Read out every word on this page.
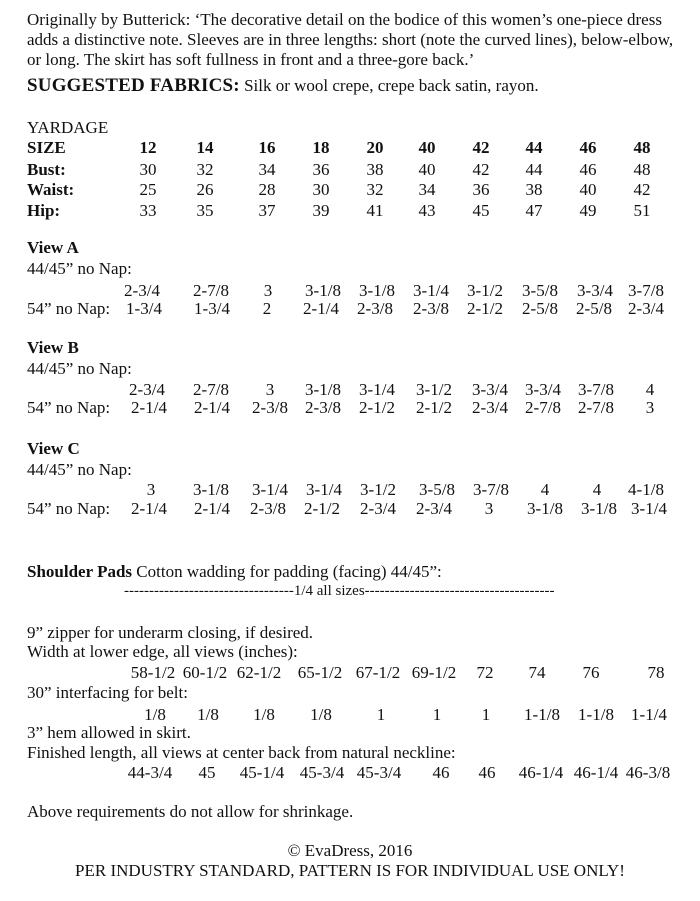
Originally by Butterick: ‘The decorative detail on the bodice of this women’s one-piece dress adds a distinctive note. Sleeves are in three lengths: short (note the curved lines), below-elbow, or long. The skirt has soft fullness in front and a three-gore back.’
SUGGESTED FABRICS: Silk or wool crepe, crepe back satin, rayon.
YARDAGE
SIZE	12 14	16 18 20 40 42 44 46 48
Bust:	30 32	34 36 38 40 42 44 46 48
Waist:	25 26	28 30 32 34 36 38 40 42
Hip:	33 35	37 39 41 43 45 47 49 51
View A
44/45” no Nap:
2-3/4 2-7/8 3 3-1/8 3-1/8 3-1/4 3-1/2 3-5/8 3-3/4 3-7/8
54” no Nap: 1-3/4 1-3/4 2 2-1/4 2-3/8 2-3/8 2-1/2 2-5/8 2-5/8 2-3/4
View B
44/45” no Nap:
2-3/4 2-7/8 3 3-1/8 3-1/4 3-1/2 3-3/4 3-3/4 3-7/8 4
54” no Nap: 2-1/4 2-1/4 2-3/8 2-3/8 2-1/2 2-1/2 2-3/4 2-7/8 2-7/8 3
View C
44/45” no Nap:
3 3-1/8 3-1/4 3-1/4 3-1/2 3-5/8 3-7/8 4	4 4-1/8
54” no Nap: 2-1/4 2-1/4 2-3/8 2-1/2 2-3/4 2-3/4 3 3-1/8 3-1/8 3-1/4
Shoulder Pads Cotton wadding for padding (facing) 44/45”:
----------------------------------1/4 all sizes--------------------------------------
9” zipper for underarm closing, if desired.
Width at lower edge, all views (inches):
58-1/2 60-1/2 62-1/2 65-1/2 67-1/2 69-1/2 72 74 76	78
30” interfacing for belt:
1/8 1/8 1/8 1/8	1	1 1 1-1/8 1-1/8 1-1/4
3” hem allowed in skirt.
Finished length, all views at center back from natural neckline:
44-3/4 45 45-1/4 45-3/4 45-3/4 46 46 46-1/4 46-1/4 46-3/8
Above requirements do not allow for shrinkage.
© EvaDress, 2016
PER INDUSTRY STANDARD, PATTERN IS FOR INDIVIDUAL USE ONLY!
